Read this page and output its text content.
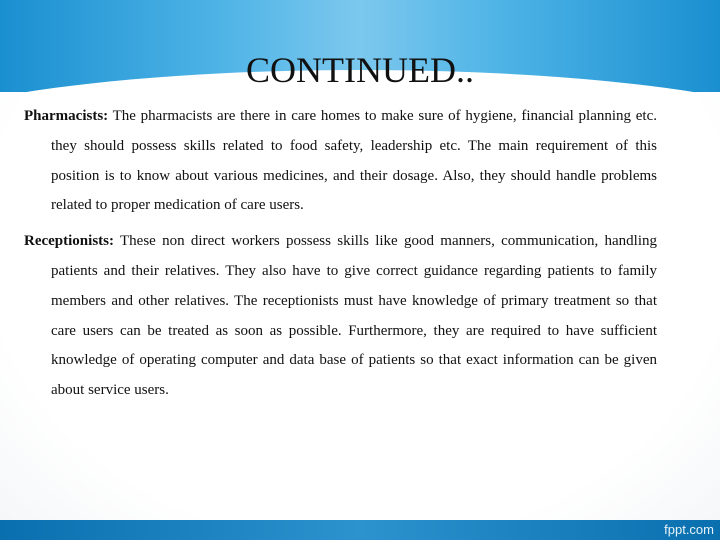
fppt.com
CONTINUED..

Pharmacists: The pharmacists are there in care homes to make sure of hygiene, financial planning etc. they should possess skills related to food safety, leadership etc. The main requirement of this position is to know about various medicines, and their dosage. Also, they should handle problems related to proper medication of care users.

Receptionists: These non direct workers possess skills like good manners, communication, handling patients and their relatives. They also have to give correct guidance regarding patients to family members and other relatives. The receptionists must have knowledge of primary treatment so that care users can be treated as soon as possible. Furthermore, they are required to have sufficient knowledge of operating computer and data base of patients so that exact information can be given about service users.
